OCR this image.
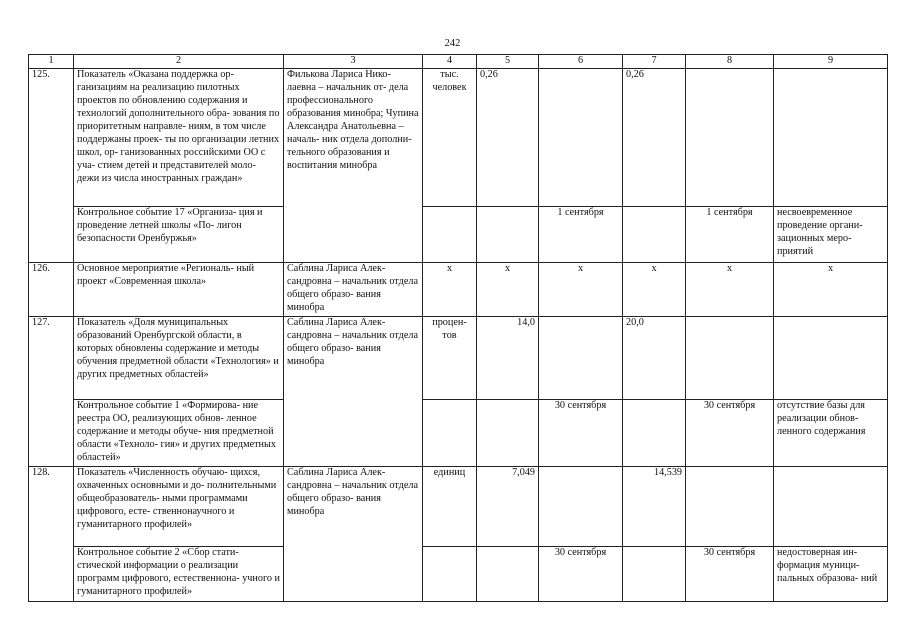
242
1	2	3	4	5	6	7	8	9
125.	Показатель «Оказана поддержка ор- ганизациям на реализацию пилотных проектов по обновлению содержания и технологий дополнительного обра- зования по приоритетным направле- ниям, в том числе поддержаны проек- ты по организации летних школ, ор- ганизованных российскими ОО с уча- стием детей и представителей моло- дежи из числа иностранных граждан»	Филькова Лариса Нико- лаевна – начальник от- дела профессионального образования минобра; Чупина Александра Анатольевна – началь- ник отдела дополни- тельного образования и воспитания минобра	тыс. человек	0,26		0,26		
	Контрольное событие 17 «Организа- ция и проведение летней школы «По- лигон безопасности Оренбуржья»				1 сентября		1 сентября	несвоевременное проведение органи- зационных меро- приятий
126.	Основное мероприятие «Региональ- ный проект «Современная школа»	Саблина Лариса Алек- сандровна – начальник отдела общего образо- вания минобра	х	х	х	х	х	х
127.	Показатель «Доля муниципальных образований Оренбургской области, в которых обновлены содержание и методы обучения предметной области «Технология» и других предметных областей»	Саблина Лариса Алек- сандровна – начальник отдела общего образо- вания минобра	процен- тов	14,0		20,0		
	Контрольное событие 1 «Формирова- ние реестра ОО, реализующих обнов- ленное содержание и методы обуче- ния предметной области «Техноло- гия» и других предметных областей»				30 сентября		30 сентября	отсутствие базы для реализации обнов- ленного содержания
128.	Показатель «Численность обучаю- щихся, охваченных основными и до- полнительными общеобразователь- ными программами цифрового, есте- ственнонаучного и гуманитарного профилей»	Саблина Лариса Алек- сандровна – начальник отдела общего образо- вания минобра	единиц	7,049		14,539		
	Контрольное событие 2 «Сбор стати- стической информации о реализации программ цифрового, естественнона- учного и гуманитарного профилей»				30 сентября		30 сентября	недостоверная ин- формация муници- пальных образова- ний
